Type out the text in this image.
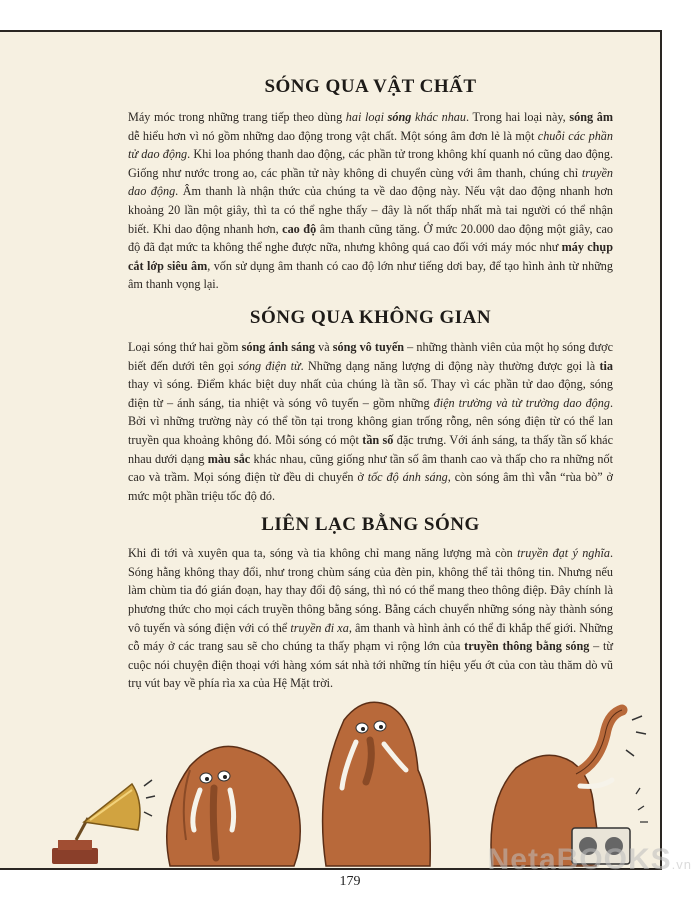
SÓNG QUA VẬT CHẤT

Máy móc trong những trang tiếp theo dùng hai loại sóng khác nhau. Trong hai loại này, sóng âm dễ hiểu hơn vì nó gồm những dao động trong vật chất. Một sóng âm đơn lẻ là một chuỗi các phần tử dao động. Khi loa phóng thanh dao động, các phần tử trong không khí quanh nó cũng dao động. Giống như nước trong ao, các phần tử này không di chuyển cùng với âm thanh, chúng chỉ truyền dao động. Âm thanh là nhận thức của chúng ta về dao động này. Nếu vật dao động nhanh hơn khoảng 20 lần một giây, thì ta có thể nghe thấy – đây là nốt thấp nhất mà tai người có thể nhận biết. Khi dao động nhanh hơn, cao độ âm thanh cũng tăng. Ở mức 20.000 dao động một giây, cao độ đã đạt mức ta không thể nghe được nữa, nhưng không quá cao đối với máy móc như máy chụp cắt lớp siêu âm, vốn sử dụng âm thanh có cao độ lớn như tiếng dơi bay, để tạo hình ảnh từ những âm thanh vọng lại.

SÓNG QUA KHÔNG GIAN

Loại sóng thứ hai gồm sóng ánh sáng và sóng vô tuyến – những thành viên của một họ sóng được biết đến dưới tên gọi sóng điện từ. Những dạng năng lượng di động này thường được gọi là tia thay vì sóng. Điểm khác biệt duy nhất của chúng là tần số. Thay vì các phần tử dao động, sóng điện từ – ánh sáng, tia nhiệt và sóng vô tuyến – gồm những điện trường và từ trường dao động. Bởi vì những trường này có thể tồn tại trong không gian trống rỗng, nên sóng điện từ có thể lan truyền qua khoảng không đó. Mỗi sóng có một tần số đặc trưng. Với ánh sáng, ta thấy tần số khác nhau dưới dạng màu sắc khác nhau, cũng giống như tần số âm thanh cao và thấp cho ra những nốt cao và trầm. Mọi sóng điện từ đều di chuyển ở tốc độ ánh sáng, còn sóng âm thì vẫn “rùa bò” ở mức một phần triệu tốc độ đó.

LIÊN LẠC BẰNG SÓNG

Khi đi tới và xuyên qua ta, sóng và tia không chỉ mang năng lượng mà còn truyền đạt ý nghĩa. Sóng hằng không thay đổi, như trong chùm sáng của đèn pin, không thể tải thông tin. Nhưng nếu làm chùm tia đó gián đoạn, hay thay đổi độ sáng, thì nó có thể mang theo thông điệp. Đây chính là phương thức cho mọi cách truyền thông bằng sóng. Bằng cách chuyển những sóng này thành sóng vô tuyến và sóng điện với có thể truyền đi xa, âm thanh và hình ảnh có thể đi khắp thế giới. Những cỗ máy ở các trang sau sẽ cho chúng ta thấy phạm vi rộng lớn của truyền thông bằng sóng – từ cuộc nói chuyện điện thoại với hàng xóm sát nhà tới những tín hiệu yếu ớt của con tàu thăm dò vũ trụ vút bay về phía rìa xa của Hệ Mặt trời.

179
NetaBOOKS.vn
